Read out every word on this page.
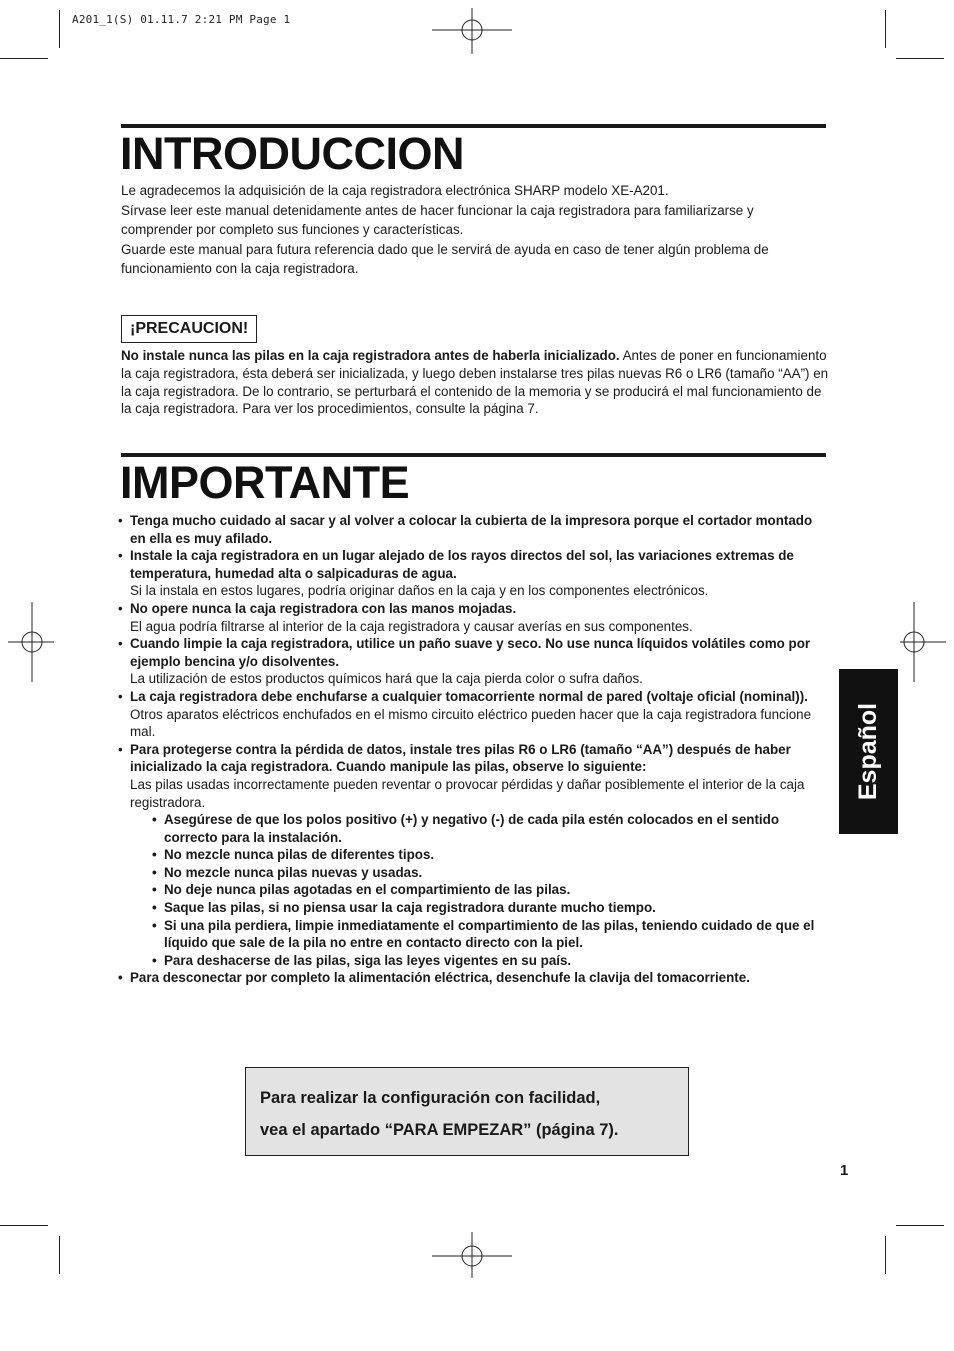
A201_1(S) 01.11.7 2:21 PM Page 1
INTRODUCCION
Le agradecemos la adquisición de la caja registradora electrónica SHARP modelo XE-A201.
Sírvase leer este manual detenidamente antes de hacer funcionar la caja registradora para familiarizarse y
comprender por completo sus funciones y características.
Guarde este manual para futura referencia dado que le servirá de ayuda en caso de tener algún problema de
funcionamiento con la caja registradora.
¡PRECAUCION!

No instale nunca las pilas en la caja registradora antes de haberla inicializado. Antes de poner en funcionamiento la caja registradora, ésta deberá ser inicializada, y luego deben instalarse tres pilas nuevas R6 o LR6 (tamaño “AA”) en la caja registradora. De lo contrario, se perturbará el contenido de la memoria y se producirá el mal funcionamiento de la caja registradora. Para ver los procedimientos, consulte la página 7.

IMPORTANTE
• Tenga mucho cuidado al sacar y al volver a colocar la cubierta de la impresora porque el cortador montado en ella es muy afilado.
• Instale la caja registradora en un lugar alejado de los rayos directos del sol, las variaciones extremas de temperatura, humedad alta o salpicaduras de agua.
Si la instala en estos lugares, podría originar daños en la caja y en los componentes electrónicos.
• No opere nunca la caja registradora con las manos mojadas.
El agua podría filtrarse al interior de la caja registradora y causar averías en sus componentes.
• Cuando limpie la caja registradora, utilice un paño suave y seco. No use nunca líquidos volátiles como por ejemplo bencina y/o disolventes.
La utilización de estos productos químicos hará que la caja pierda color o sufra daños.
• La caja registradora debe enchufarse a cualquier tomacorriente normal de pared (voltaje oficial (nominal)).
Otros aparatos eléctricos enchufados en el mismo circuito eléctrico pueden hacer que la caja registradora funcione mal.
• Para protegerse contra la pérdida de datos, instale tres pilas R6 o LR6 (tamaño “AA”) después de haber inicializado la caja registradora. Cuando manipule las pilas, observe lo siguiente:
Las pilas usadas incorrectamente pueden reventar o provocar pérdidas y dañar posiblemente el interior de la caja registradora.
• Asegúrese de que los polos positivo (+) y negativo (-) de cada pila estén colocados en el sentido correcto para la instalación.
• No mezcle nunca pilas de diferentes tipos.
• No mezcle nunca pilas nuevas y usadas.
• No deje nunca pilas agotadas en el compartimiento de las pilas.
• Saque las pilas, si no piensa usar la caja registradora durante mucho tiempo.
• Si una pila perdiera, limpie inmediatamente el compartimiento de las pilas, teniendo cuidado de que el líquido que sale de la pila no entre en contacto directo con la piel.
• Para deshacerse de las pilas, siga las leyes vigentes en su país.
• Para desconectar por completo la alimentación eléctrica, desenchufe la clavija del tomacorriente.
Español
Para realizar la configuración con facilidad,
vea el apartado “PARA EMPEZAR” (página 7).
1
